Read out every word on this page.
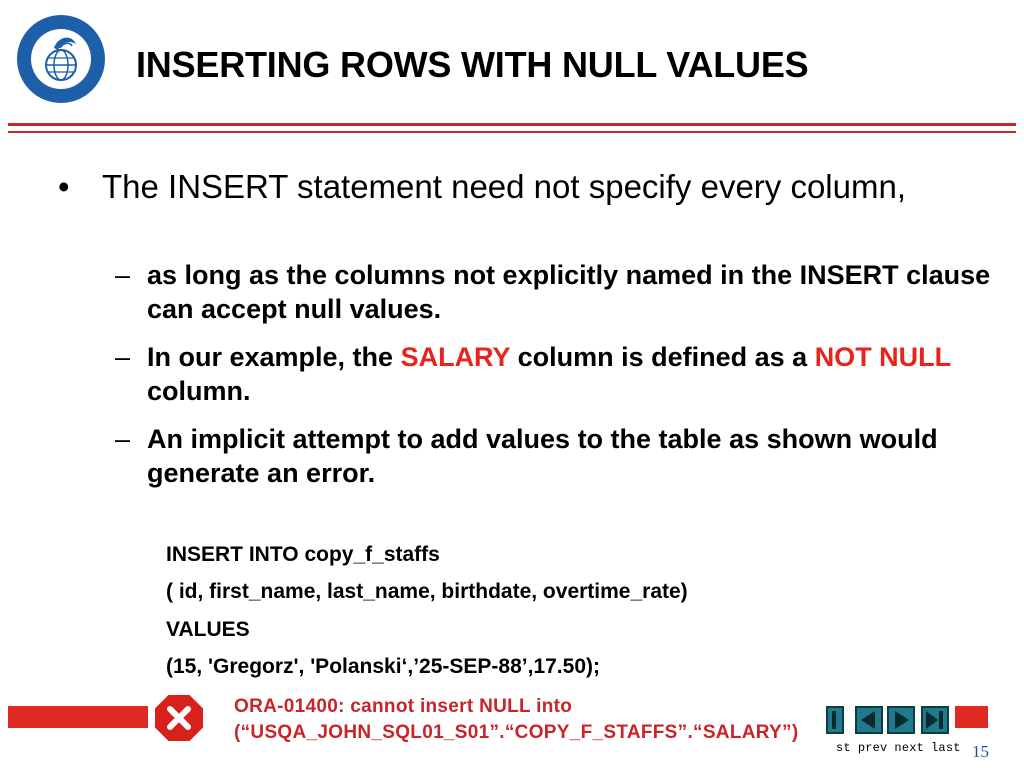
INSERTING ROWS WITH NULL VALUES
• The INSERT statement need not specify every column,
– as long as the columns not explicitly named in the INSERT clause can accept null values.
– In our example, the SALARY column is defined as a NOT NULL column.
– An implicit attempt to add values to the table as shown would generate an error.
INSERT INTO copy_f_staffs
( id, first_name, last_name, birthdate, overtime_rate)
VALUES
(15, 'Gregorz', 'Polanski‘,’25-SEP-88’,17.50);
ORA-01400: cannot insert NULL into
(“USQA_JOHN_SQL01_S01”.“COPY_F_STAFFS”.“SALARY”)
st prev next last 15
